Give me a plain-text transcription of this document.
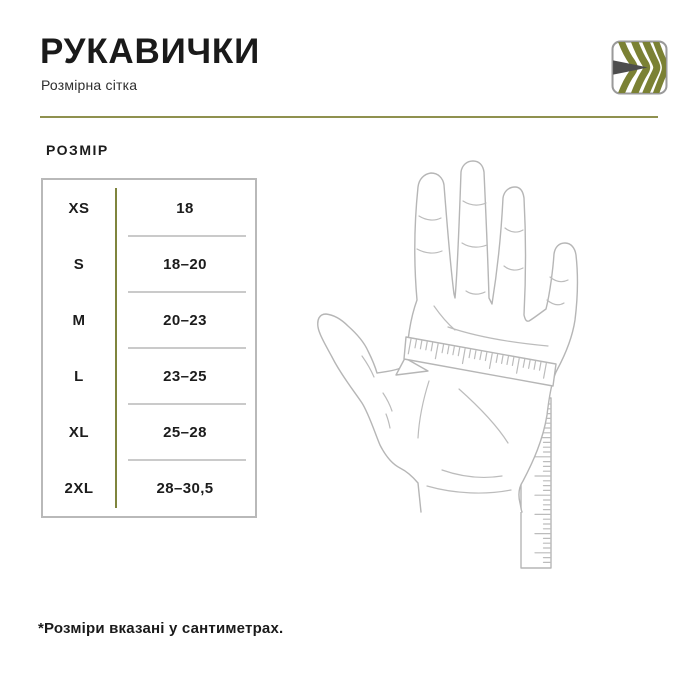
РУКАВИЧКИ
Розмірна сітка
РОЗМІР
XS	18
S	18–20
M	20–23
L	23–25
XL	25–28
2XL	28–30,5
*Розміри вказані у сантиметрах.
